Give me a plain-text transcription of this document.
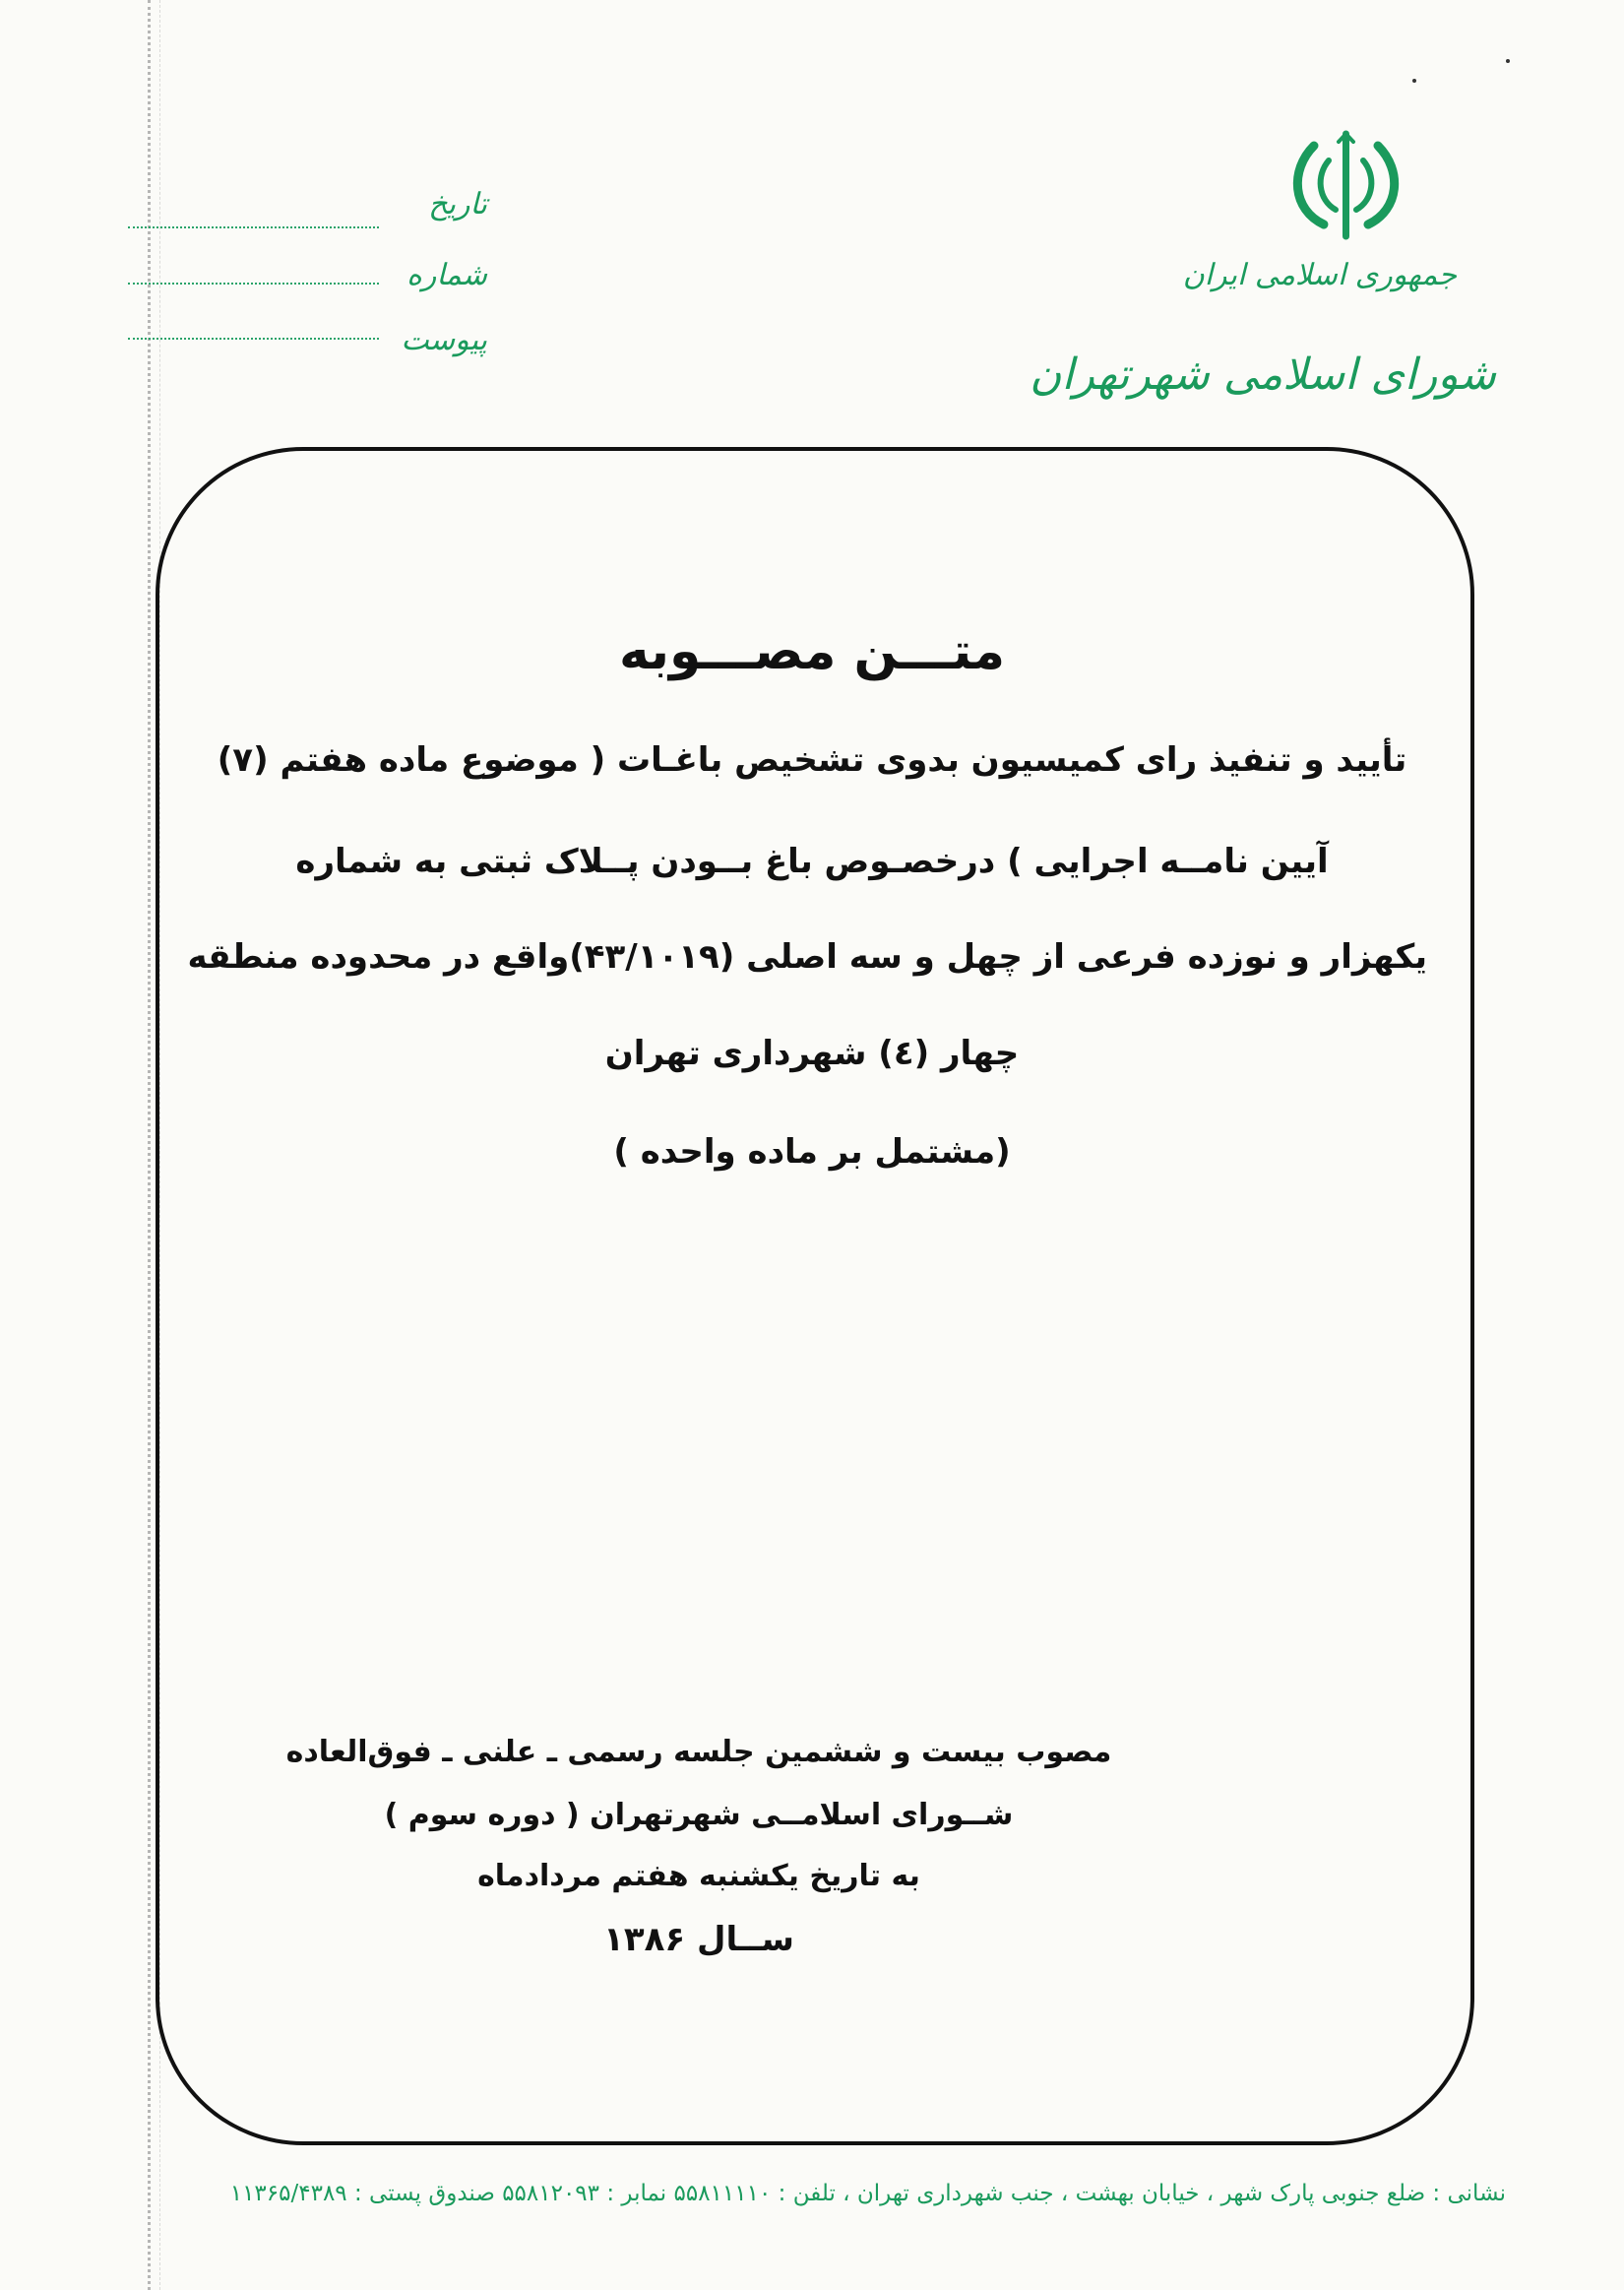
جمهوری اسلامی ایران
شورای اسلامی شهرتهران
تاریخ
شماره
پیوست
متـــن مصـــوبه
تأیید و تنفیذ رای کمیسیون بدوی تشخیص باغـات ( موضوع ماده هفتم (۷)
آیین نامــه اجرایی ) درخصـوص باغ بــودن پــلاک ثبتی به شماره
یکهزار و نوزده فرعی از چهل و سه اصلی (۴۳/۱۰۱۹)واقع در محدوده منطقه
چهار (٤) شهرداری تهران
(مشتمل بر ماده واحده )
مصوب بیست و ششمین جلسه رسمی ـ علنی ـ فوق‌العاده
شــورای اسلامــی شهرتهران ( دوره سوم )
به تاریخ یکشنبه هفتم مردادماه
ســال ۱۳۸۶
نشانی : ضلع جنوبی پارک شهر ، خیابان بهشت ، جنب شهرداری تهران ، تلفن : ۵۵۸۱۱۱۱۰ نمابر : ۵۵۸۱۲۰۹۳ صندوق پستی : ۱۱۳۶۵/۴۳۸۹
